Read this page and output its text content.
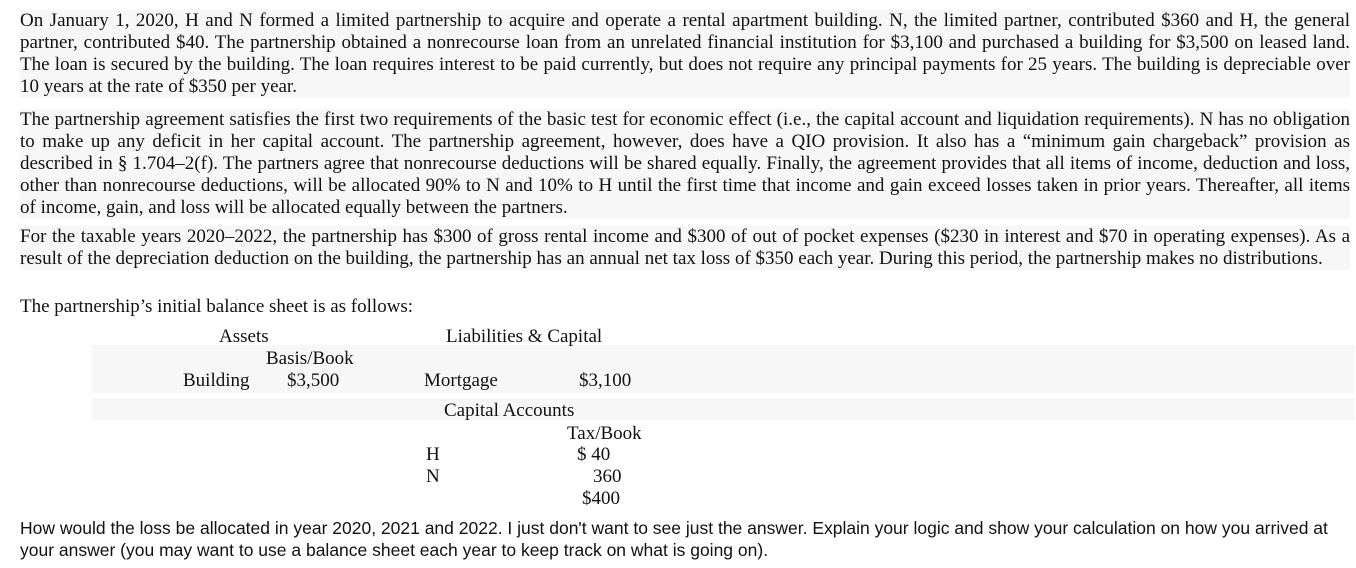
On January 1, 2020, H and N formed a limited partnership to acquire and operate a rental apartment building. N, the limited partner, contributed $360 and H, the general partner, contributed $40. The partnership obtained a nonrecourse loan from an unrelated financial institution for $3,100 and purchased a building for $3,500 on leased land. The loan is secured by the building. The loan requires interest to be paid currently, but does not require any principal payments for 25 years. The building is depreciable over 10 years at the rate of $350 per year.

The partnership agreement satisfies the first two requirements of the basic test for economic effect (i.e., the capital account and liquidation requirements). N has no obligation to make up any deficit in her capital account. The partnership agreement, however, does have a QIO provision. It also has a “minimum gain chargeback” provision as described in § 1.704–2(f). The partners agree that nonrecourse deductions will be shared equally. Finally, the agreement provides that all items of income, deduction and loss, other than nonrecourse deductions, will be allocated 90% to N and 10% to H until the first time that income and gain exceed losses taken in prior years. Thereafter, all items of income, gain, and loss will be allocated equally between the partners.

For the taxable years 2020–2022, the partnership has $300 of gross rental income and $300 of out of pocket expenses ($230 in interest and $70 in operating expenses). As a result of the depreciation deduction on the building, the partnership has an annual net tax loss of $350 each year. During this period, the partnership makes no distributions.

The partnership’s initial balance sheet is as follows:

Assets	Liabilities & Capital
Basis/Book
Building $3,500	Mortgage	$3,100
Capital Accounts
Tax/Book
H	$ 40
N	360
$400

How would the loss be allocated in year 2020, 2021 and 2022. I just don't want to see just the answer. Explain your logic and show your calculation on how you arrived at your answer (you may want to use a balance sheet each year to keep track on what is going on).
